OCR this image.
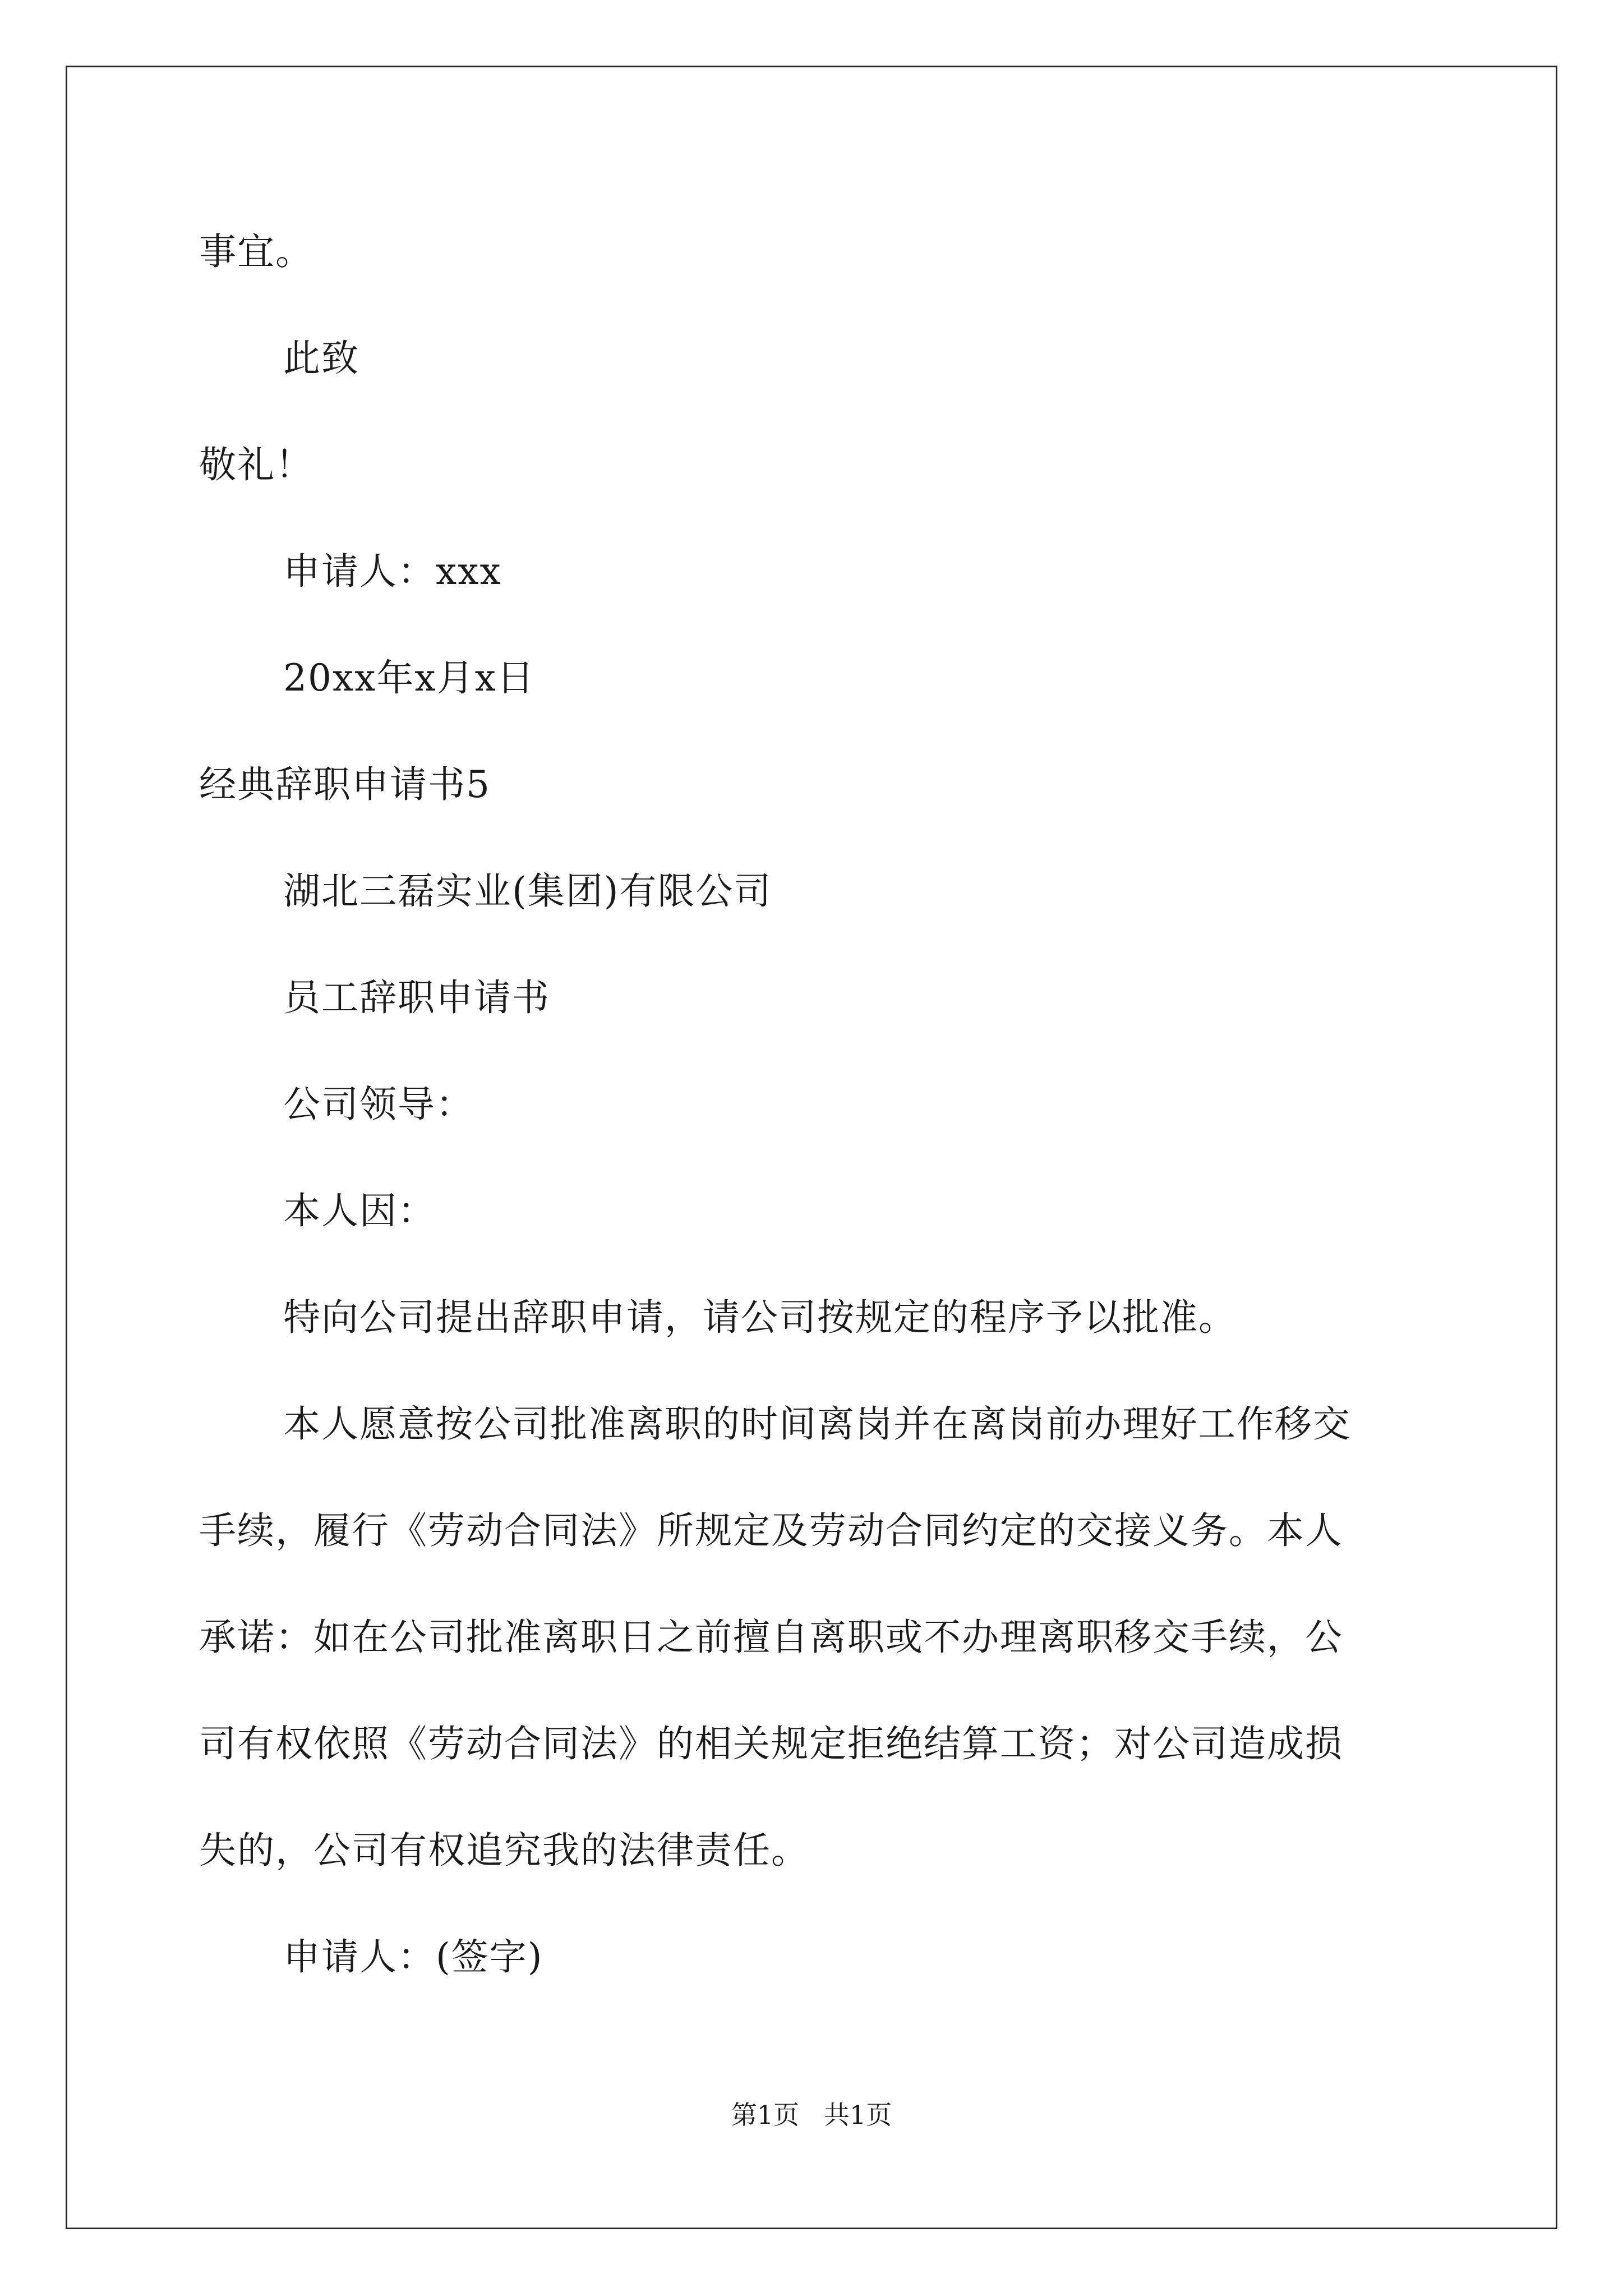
事宜。
此致
敬礼！
申请人：xxx
20xx年x月x日
经典辞职申请书5
湖北三磊实业(集团)有限公司
员工辞职申请书
公司领导：
本人因：
特向公司提出辞职申请，请公司按规定的程序予以批准。
本人愿意按公司批准离职的时间离岗并在离岗前办理好工作移交
手续，履行《劳动合同法》所规定及劳动合同约定的交接义务。本人
承诺：如在公司批准离职日之前擅自离职或不办理离职移交手续，公
司有权依照《劳动合同法》的相关规定拒绝结算工资；对公司造成损
失的，公司有权追究我的法律责任。
申请人：(签字)
第1页   共1页
